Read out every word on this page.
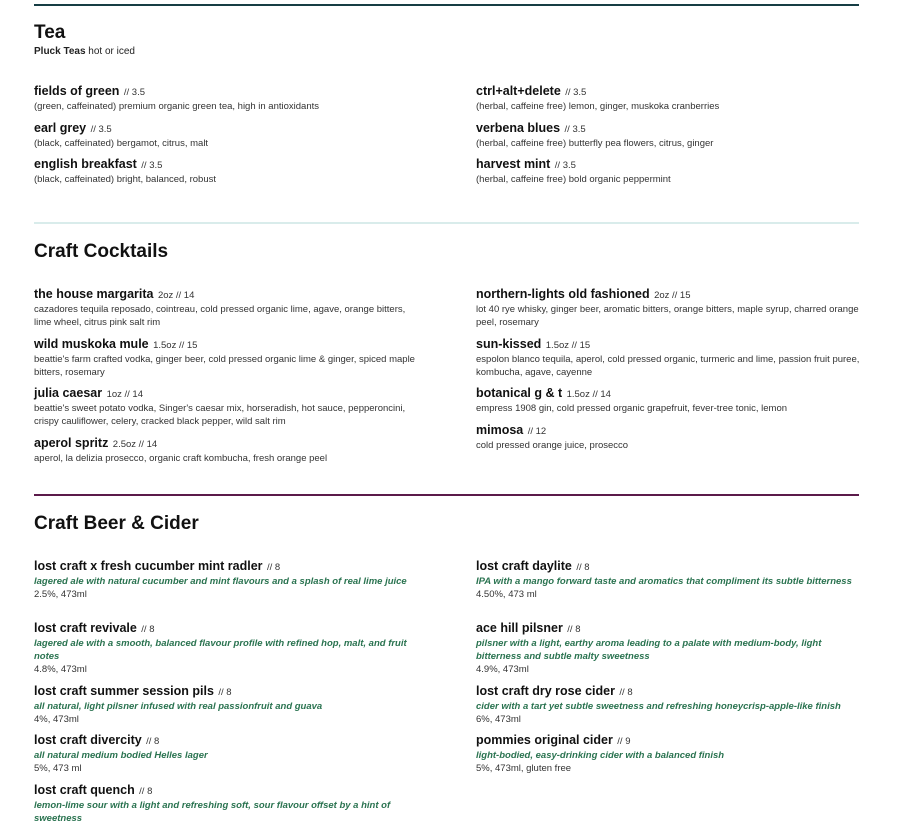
Tea
Pluck Teas hot or iced
fields of green // 3.5
(green, caffeinated) premium organic green tea, high in antioxidants
earl grey // 3.5
(black, caffeinated) bergamot, citrus, malt
english breakfast // 3.5
(black, caffeinated) bright, balanced, robust
ctrl+alt+delete // 3.5
(herbal, caffeine free) lemon, ginger, muskoka cranberries
verbena blues // 3.5
(herbal, caffeine free) butterfly pea flowers, citrus, ginger
harvest mint // 3.5
(herbal, caffeine free) bold organic peppermint
Craft Cocktails
the house margarita 2oz // 14
cazadores tequila reposado, cointreau, cold pressed organic lime, agave, orange bitters, lime wheel, citrus pink salt rim
wild muskoka mule 1.5oz // 15
beattie's farm crafted vodka, ginger beer, cold pressed organic lime & ginger, spiced maple bitters, rosemary
julia caesar 1oz // 14
beattie's sweet potato vodka, Singer's caesar mix, horseradish, hot sauce, pepperoncini, crispy cauliflower, celery, cracked black pepper, wild salt rim
aperol spritz 2.5oz // 14
aperol, la delizia prosecco, organic craft kombucha, fresh orange peel
northern-lights old fashioned 2oz // 15
lot 40 rye whisky, ginger beer, aromatic bitters, orange bitters, maple syrup, charred orange peel, rosemary
sun-kissed 1.5oz // 15
espolon blanco tequila, aperol, cold pressed organic, turmeric and lime, passion fruit puree, kombucha, agave, cayenne
botanical g & t 1.5oz // 14
empress 1908 gin, cold pressed organic grapefruit, fever-tree tonic, lemon
mimosa // 12
cold pressed orange juice, prosecco
Craft Beer & Cider
lost craft x fresh cucumber mint radler // 8
lagered ale with natural cucumber and mint flavours and a splash of real lime juice
2.5%, 473ml
lost craft revivale // 8
lagered ale with a smooth, balanced flavour profile with refined hop, malt, and fruit notes
4.8%, 473ml
lost craft summer session pils // 8
all natural, light pilsner infused with real passionfruit and guava
4%, 473ml
lost craft divercity // 8
all natural medium bodied Helles lager
5%, 473 ml
lost craft quench // 8
lemon-lime sour with a light and refreshing soft, sour flavour offset by a hint of sweetness
lost craft daylite // 8
IPA with a mango forward taste and aromatics that compliment its subtle bitterness
4.50%, 473 ml
ace hill pilsner // 8
pilsner with a light, earthy aroma leading to a palate with medium-body, light bitterness and subtle malty sweetness
4.9%, 473ml
lost craft dry rose cider // 8
cider with a tart yet subtle sweetness and refreshing honeycrisp-apple-like finish
6%, 473ml
pommies original cider // 9
light-bodied, easy-drinking cider with a balanced finish
5%, 473ml, gluten free
